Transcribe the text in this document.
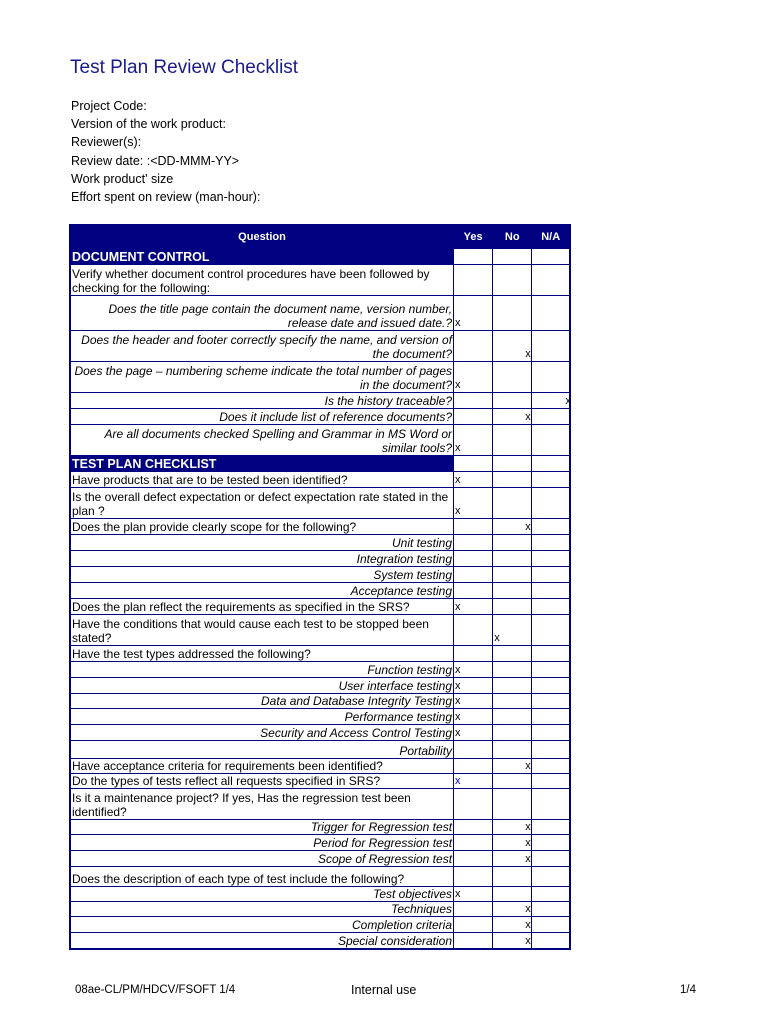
Test Plan Review Checklist
Project Code:
Version of the work product:
Reviewer(s):
Review date: :<DD-MMM-YY>
Work product' size
Effort spent on review (man-hour):
Question	Yes	No	N/A
DOCUMENT CONTROL			
Verify whether document control procedures have been followed by checking for the following:			
Does the title page contain the document name, version number, release date and issued date.?	x		
Does the header and footer correctly specify the name, and version of the document?		x	
Does the page – numbering scheme indicate the total number of pages in the document?	x		
Is the history traceable?			x
Does it include list of reference documents?		x	
Are all documents checked Spelling and Grammar in MS Word or similar tools?	x		
TEST PLAN CHECKLIST			
Have products that are to be tested been identified?	x		
Is the overall defect expectation or defect expectation rate stated in the plan ?	x		
Does the plan provide clearly scope for the following?		x	
Unit testing			
Integration testing			
System testing			
Acceptance testing			
Does the plan reflect the requirements as specified in the SRS?	x		
Have the conditions that would cause each test to be stopped been stated?		x	
Have the test types addressed the following?			
Function testing	x		
User interface testing	x		
Data and Database Integrity Testing	x		
Performance testing	x		
Security and Access Control Testing	x		
Portability			
Have acceptance criteria for requirements been identified?		x	
Do the types of tests reflect all requests specified in SRS?	x		
Is it a maintenance project? If yes, Has the regression test been identified?			
Trigger for Regression test		x	
Period for Regression test		x	
Scope of Regression test		x	
Does the description of each type of test include the following?			
Test objectives	x		
Techniques		x	
Completion criteria		x	
Special consideration		x	
08ae-CL/PM/HDCV/FSOFT 1/4	Internal use	1/4
